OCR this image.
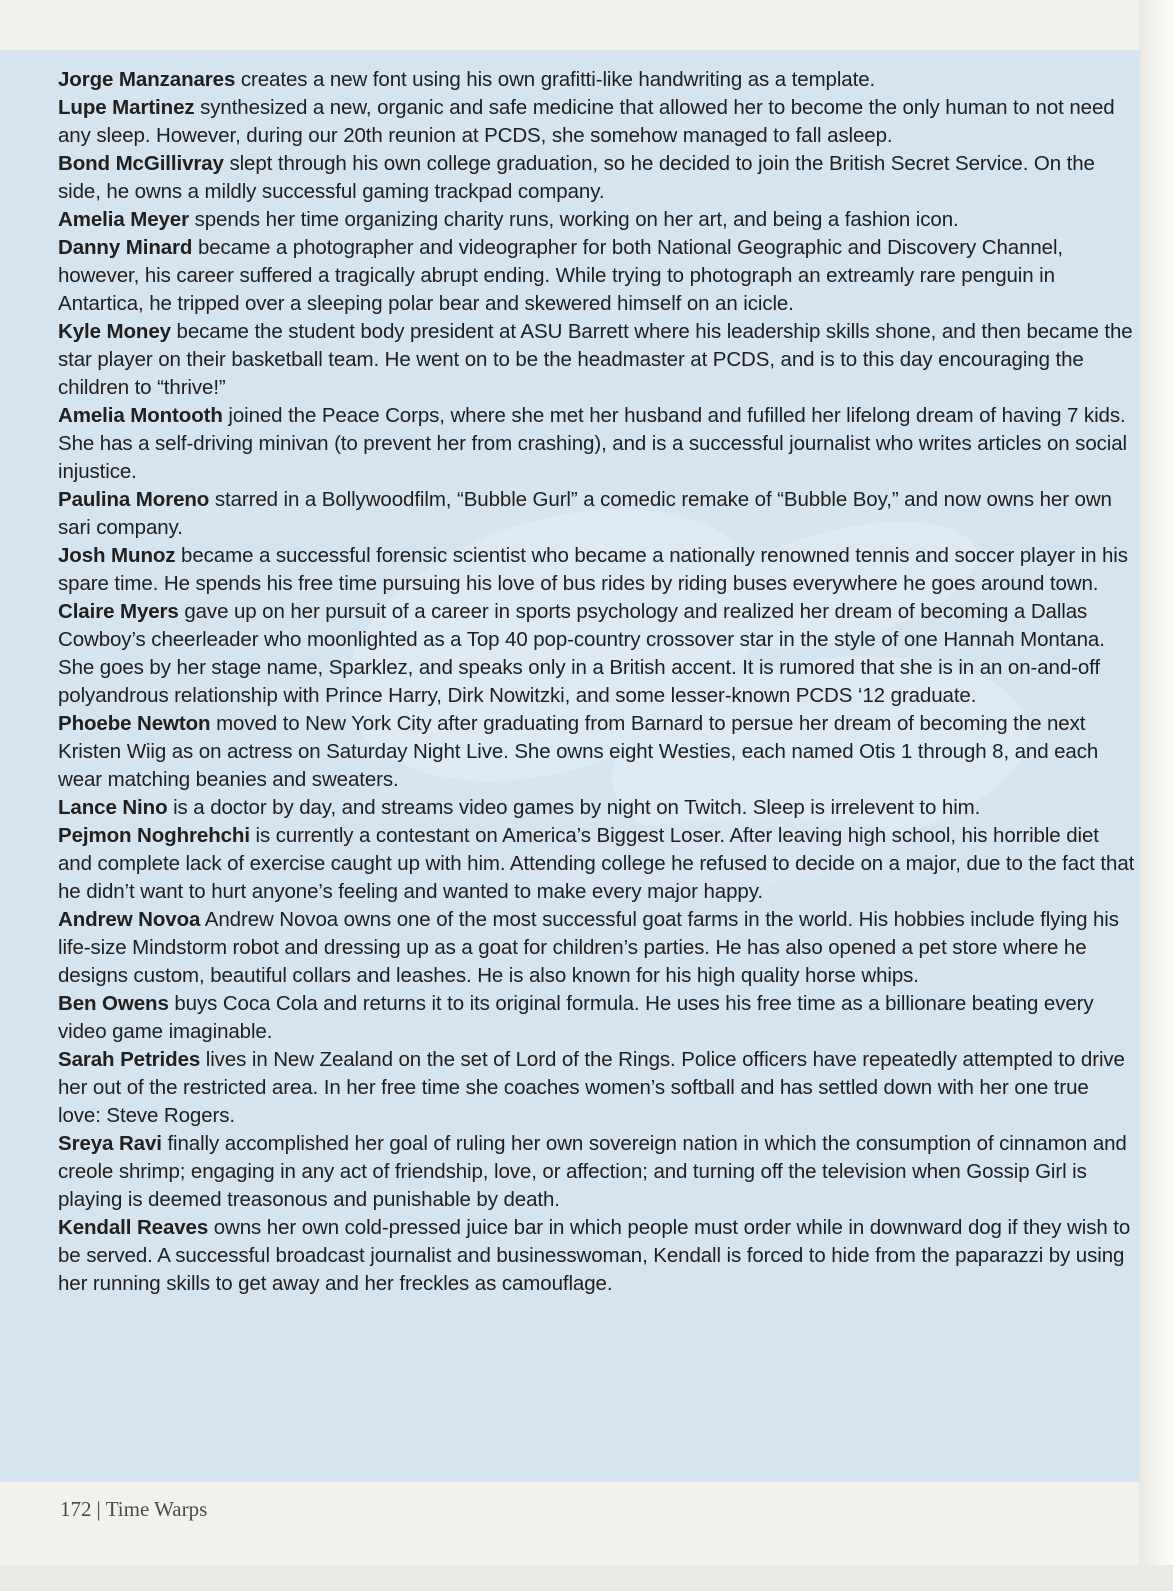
Jorge Manzanares creates a new font using his own grafitti-like handwriting as a template.

Lupe Martinez synthesized a new, organic and safe medicine that allowed her to become the only human to not need any sleep. However, during our 20th reunion at PCDS, she somehow managed to fall asleep.

Bond McGillivray slept through his own college graduation, so he decided to join the British Secret Service. On the side, he owns a mildly successful gaming trackpad company.

Amelia Meyer spends her time organizing charity runs, working on her art, and being a fashion icon.

Danny Minard became a photographer and videographer for both National Geographic and Discovery Channel, however, his career suffered a tragically abrupt ending. While trying to photograph an extreamly rare penguin in Antartica, he tripped over a sleeping polar bear and skewered himself on an icicle.

Kyle Money became the student body president at ASU Barrett where his leadership skills shone, and then became the star player on their basketball team. He went on to be the headmaster at PCDS, and is to this day encouraging the children to “thrive!”

Amelia Montooth joined the Peace Corps, where she met her husband and fufilled her lifelong dream of having 7 kids. She has a self-driving minivan (to prevent her from crashing), and is a successful journalist who writes articles on social injustice.

Paulina Moreno starred in a Bollywoodfilm, “Bubble Gurl” a comedic remake of “Bubble Boy,” and now owns her own sari company.

Josh Munoz became a successful forensic scientist who became a nationally renowned tennis and soccer player in his spare time. He spends his free time pursuing his love of bus rides by riding buses everywhere he goes around town.

Claire Myers gave up on her pursuit of a career in sports psychology and realized her dream of becoming a Dallas Cowboy’s cheerleader who moonlighted as a Top 40 pop-country crossover star in the style of one Hannah Montana. She goes by her stage name, Sparklez, and speaks only in a British accent. It is rumored that she is in an on-and-off polyandrous relationship with Prince Harry, Dirk Nowitzki, and some lesser-known PCDS ‘12 graduate.

Phoebe Newton moved to New York City after graduating from Barnard to persue her dream of becoming the next Kristen Wiig as on actress on Saturday Night Live. She owns eight Westies, each named Otis 1 through 8, and each wear matching beanies and sweaters.

Lance Nino is a doctor by day, and streams video games by night on Twitch. Sleep is irrelevent to him.

Pejmon Noghrehchi is currently a contestant on America’s Biggest Loser. After leaving high school, his horrible diet and complete lack of exercise caught up with him. Attending college he refused to decide on a major, due to the fact that he didn’t want to hurt anyone’s feeling and wanted to make every major happy.

Andrew Novoa Andrew Novoa owns one of the most successful goat farms in the world. His hobbies include flying his life-size Mindstorm robot and dressing up as a goat for children’s parties. He has also opened a pet store where he designs custom, beautiful collars and leashes. He is also known for his high quality horse whips.

Ben Owens buys Coca Cola and returns it to its original formula. He uses his free time as a billionare beating every video game imaginable.

Sarah Petrides lives in New Zealand on the set of Lord of the Rings. Police officers have repeatedly attempted to drive her out of the restricted area. In her free time she coaches women’s softball and has settled down with her one true love: Steve Rogers.

Sreya Ravi finally accomplished her goal of ruling her own sovereign nation in which the consumption of cinnamon and creole shrimp; engaging in any act of friendship, love, or affection; and turning off the television when Gossip Girl is playing is deemed treasonous and punishable by death.

Kendall Reaves owns her own cold-pressed juice bar in which people must order while in downward dog if they wish to be served. A successful broadcast journalist and businesswoman, Kendall is forced to hide from the paparazzi by using her running skills to get away and her freckles as camouflage.

172 | Time Warps
